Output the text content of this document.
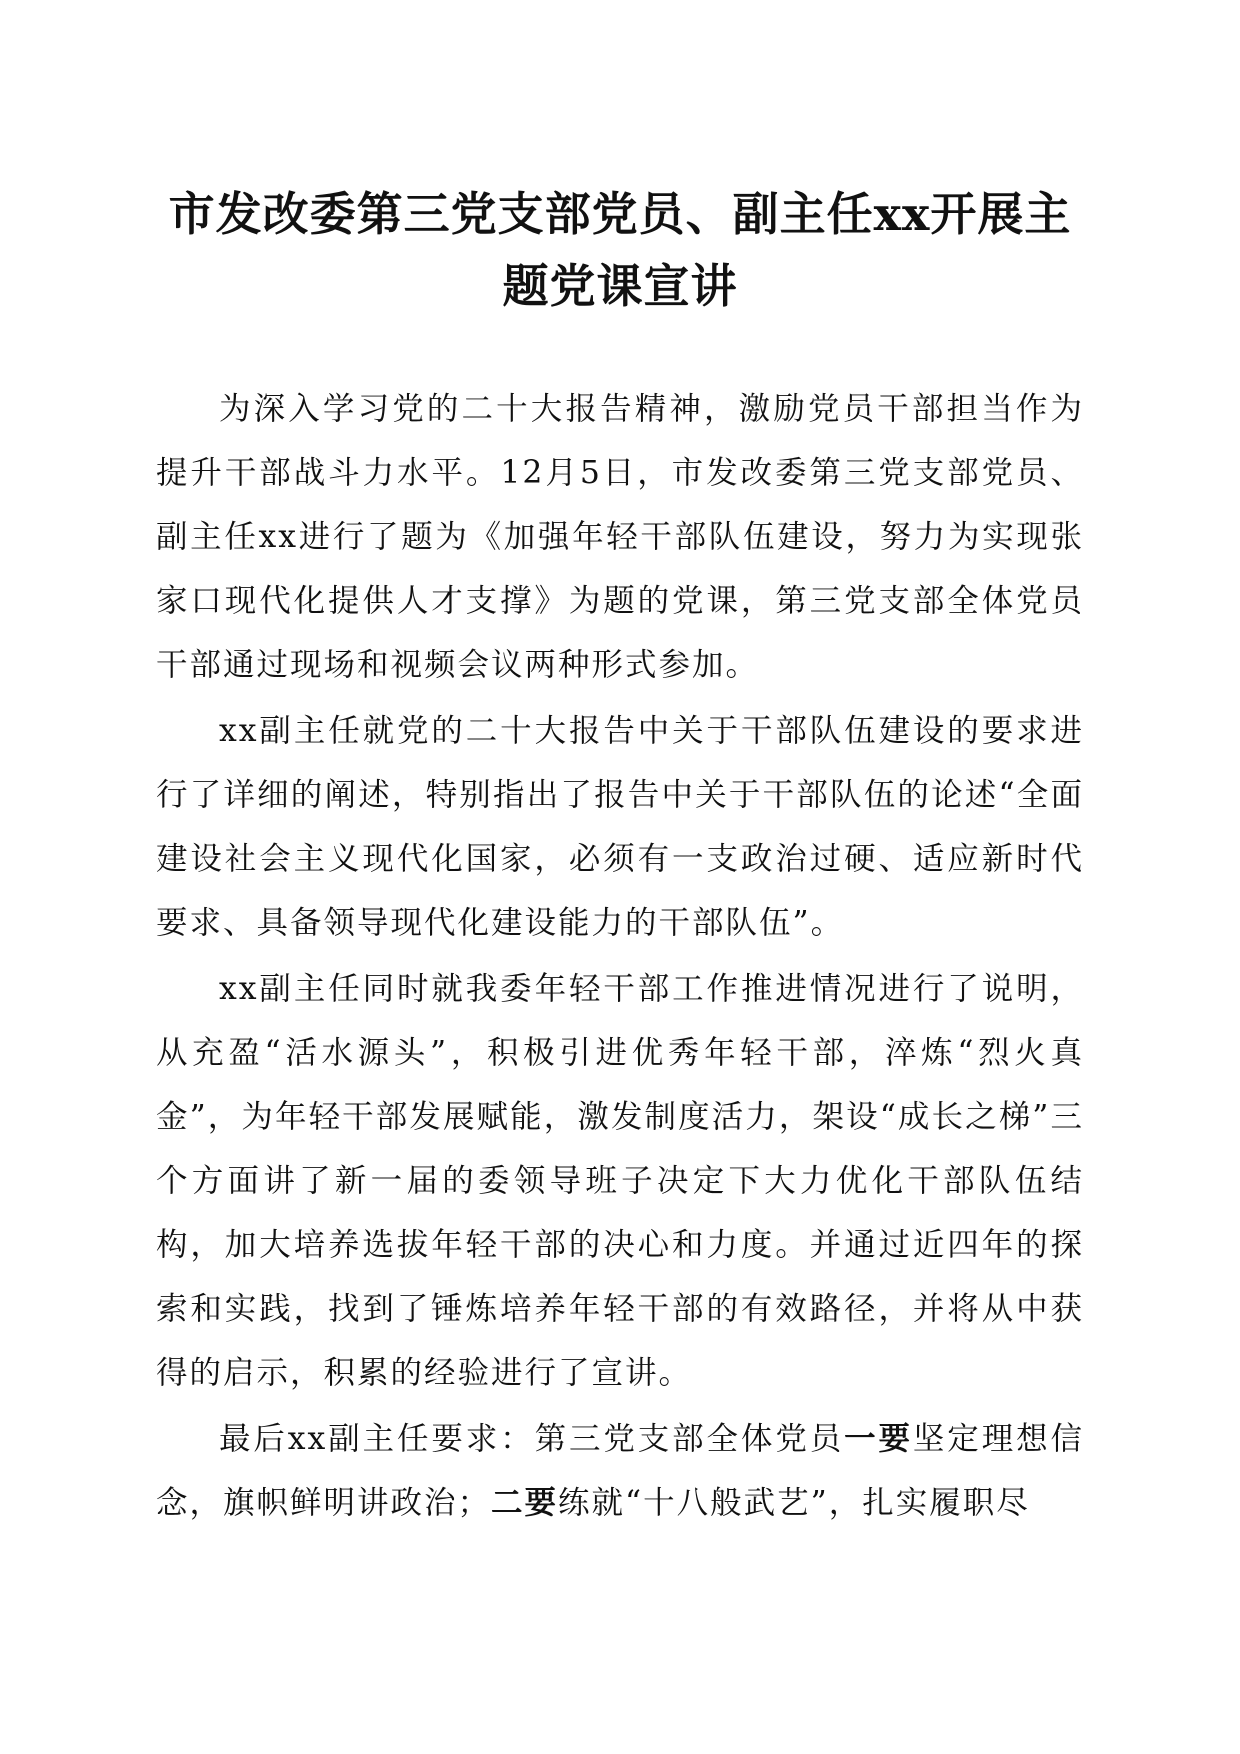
市发改委第三党支部党员、副主任xx开展主
题党课宣讲

为深入学习党的二十大报告精神，激励党员干部担当作为提升干部战斗力水平。12月5日，市发改委第三党支部党员、副主任xx进行了题为《加强年轻干部队伍建设，努力为实现张家口现代化提供人才支撑》为题的党课，第三党支部全体党员干部通过现场和视频会议两种形式参加。

xx副主任就党的二十大报告中关于干部队伍建设的要求进行了详细的阐述，特别指出了报告中关于干部队伍的论述“全面建设社会主义现代化国家，必须有一支政治过硬、适应新时代要求、具备领导现代化建设能力的干部队伍”。

xx副主任同时就我委年轻干部工作推进情况进行了说明，从充盈“活水源头”，积极引进优秀年轻干部，淬炼“烈火真金”，为年轻干部发展赋能，激发制度活力，架设“成长之梯”三个方面讲了新一届的委领导班子决定下大力优化干部队伍结构，加大培养选拔年轻干部的决心和力度。并通过近四年的探索和实践，找到了锤炼培养年轻干部的有效路径，并将从中获得的启示，积累的经验进行了宣讲。

最后xx副主任要求：第三党支部全体党员一要坚定理想信念，旗帜鲜明讲政治；二要练就“十八般武艺”，扎实履职尽
